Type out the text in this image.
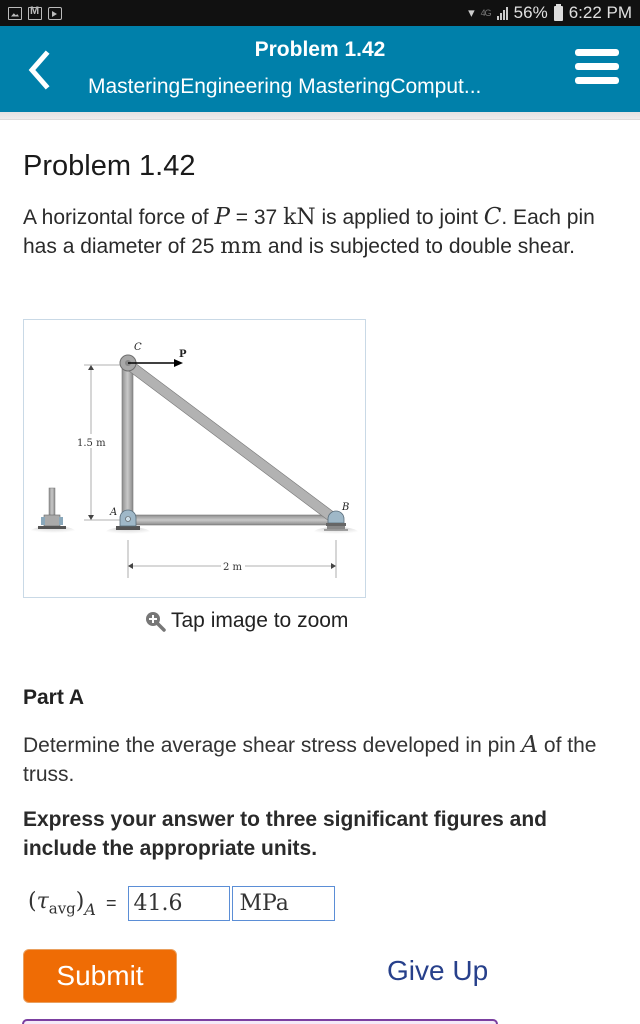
M
▾ 4G 56% 6:22 PM
Problem 1.42
MasteringEngineering MasteringComput...
Problem 1.42
A horizontal force of P = 37 kN is applied to joint C. Each pin has a diameter of 25 mm and is subjected to double shear.
1.5 m
2 m
C
P
A	B
Tap image to zoom
Part A
Determine the average shear stress developed in pin A of the truss.
Express your answer to three significant figures and include the appropriate units.
$(\tau_{avg})_A$ =
41.6
MPa
Submit	Give Up
